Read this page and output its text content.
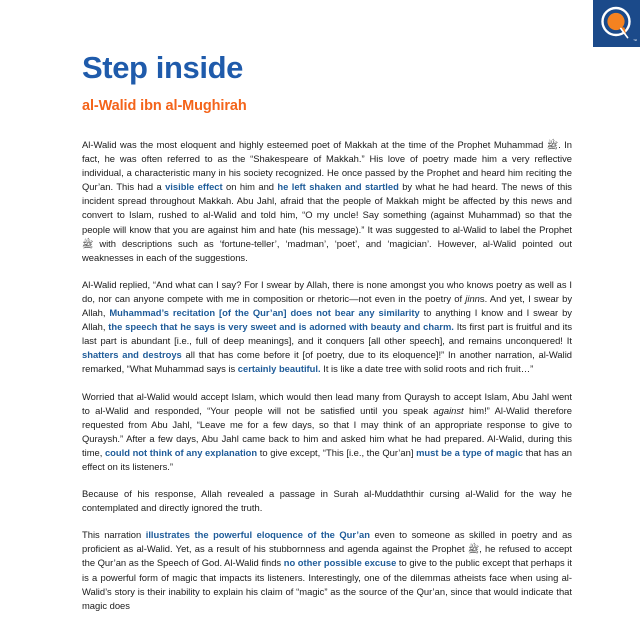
™
Step inside
al-Walid ibn al-Mughirah

Al-Walid was the most eloquent and highly esteemed poet of Makkah at the time of the Prophet Muhammad ﷺ. In fact, he was often referred to as the “Shakespeare of Makkah.” His love of poetry made him a very reflective individual, a characteristic many in his society recognized. He once passed by the Prophet and heard him reciting the Qur’an. This had a visible effect on him and he left shaken and startled by what he had heard. The news of this incident spread throughout Makkah. Abu Jahl, afraid that the people of Makkah might be affected by this news and convert to Islam, rushed to al-Walid and told him, “O my uncle! Say something (against Muhammad) so that the people will know that you are against him and hate (his message).” It was suggested to al-Walid to label the Prophet ﷺ with descriptions such as ‘fortune-teller’, ‘madman’, ‘poet’, and ‘magician’. However, al-Walid pointed out weaknesses in each of the suggestions.

Al-Walid replied, “And what can I say? For I swear by Allah, there is none amongst you who knows poetry as well as I do, nor can anyone compete with me in composition or rhetoric—not even in the poetry of jinns. And yet, I swear by Allah, Muhammad’s recitation [of the Qur’an] does not bear any similarity to anything I know and I swear by Allah, the speech that he says is very sweet and is adorned with beauty and charm. Its first part is fruitful and its last part is abundant [i.e., full of deep meanings], and it conquers [all other speech], and remains unconquered! It shatters and destroys all that has come before it [of poetry, due to its eloquence]!” In another narration, al-Walid remarked, “What Muhammad says is certainly beautiful. It is like a date tree with solid roots and rich fruit…”

Worried that al-Walid would accept Islam, which would then lead many from Quraysh to accept Islam, Abu Jahl went to al-Walid and responded, “Your people will not be satisfied until you speak against him!” Al-Walid therefore requested from Abu Jahl, “Leave me for a few days, so that I may think of an appropriate response to give to Quraysh.” After a few days, Abu Jahl came back to him and asked him what he had prepared. Al-Walid, during this time, could not think of any explanation to give except, “This [i.e., the Qur’an] must be a type of magic that has an effect on its listeners.”

Because of his response, Allah revealed a passage in Surah al-Muddaththir cursing al-Walid for the way he contemplated and directly ignored the truth.

This narration illustrates the powerful eloquence of the Qur’an even to someone as skilled in poetry and as proficient as al-Walid. Yet, as a result of his stubbornness and agenda against the Prophet ﷺ, he refused to accept the Qur’an as the Speech of God. Al-Walid finds no other possible excuse to give to the public except that perhaps it is a powerful form of magic that impacts its listeners. Interestingly, one of the dilemmas atheists face when using al-Walid’s story is their inability to explain his claim of “magic” as the source of the Qur’an, since that would indicate that magic does
